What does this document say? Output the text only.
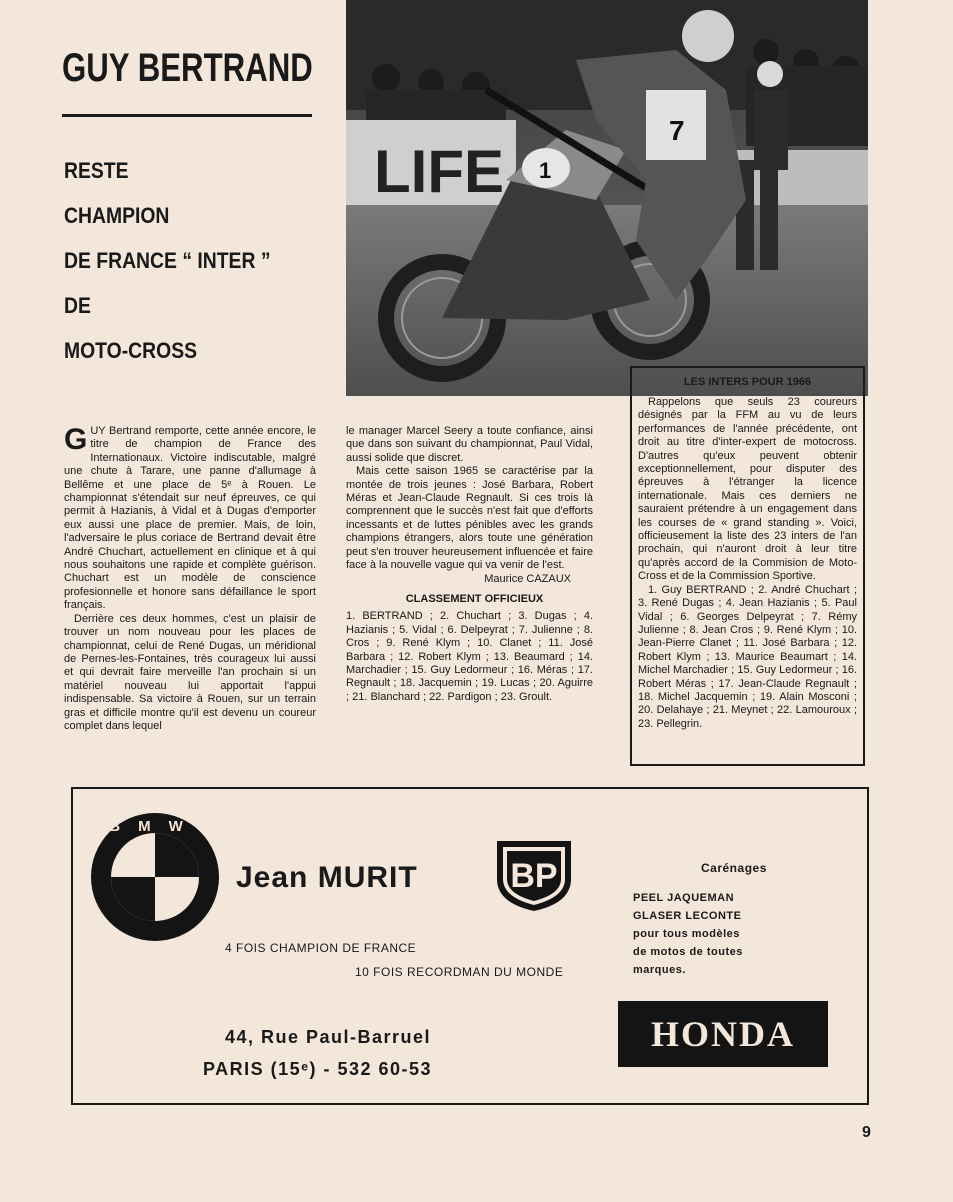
GUY BERTRAND
RESTE
CHAMPION
DE FRANCE “ INTER ”
DE
MOTO-CROSS
LIFE
7
1
G UY Bertrand remporte, cette année encore, le titre de champion de France des Internationaux. Victoire indiscutable, malgré une chute à Tarare, une panne d'allumage à Bellême et une place de 5ᵉ à Rouen. Le championnat s'étendait sur neuf épreuves, ce qui permit à Hazianis, à Vidal et à Dugas d'emporter eux aussi une place de premier. Mais, de loin, l'adversaire le plus coriace de Bertrand devait être André Chuchart, actuellement en clinique et à qui nous souhaitons une rapide et complète guérison. Chuchart est un modèle de conscience profesionnelle et honore sans défaillance le sport français.

Derrière ces deux hommes, c'est un plaisir de trouver un nom nouveau pour les places de championnat, celui de René Dugas, un méridional de Pernes-les-Fontaines, très courageux lui aussi et qui devrait faire merveille l'an prochain si un matériel nouveau lui apportait l'appui indispensable. Sa victoire à Rouen, sur un terrain gras et difficile montre qu'il est devenu un coureur complet dans lequel

le manager Marcel Seery a toute confiance, ainsi que dans son suivant du championnat, Paul Vidal, aussi solide que discret.

Mais cette saison 1965 se caractérise par la montée de trois jeunes : José Barbara, Robert Méras et Jean-Claude Regnault. Si ces trois là comprennent que le succès n'est fait que d'efforts incessants et de luttes pénibles avec les grands champions étrangers, alors toute une génération peut s'en trouver heureusement influencée et faire face à la nouvelle vague qui va venir de l'est.

Maurice CAZAUX

CLASSEMENT OFFICIEUX

1. BERTRAND ; 2. Chuchart ; 3. Dugas ; 4. Hazianis ; 5. Vidal ; 6. Delpeyrat ; 7. Julienne ; 8. Cros ; 9. René Klym ; 10. Clanet ; 11. José Barbara ; 12. Robert Klym ; 13. Beaumard ; 14. Marchadier ; 15. Guy Ledormeur ; 16. Méras ; 17. Regnault ; 18. Jacquemin ; 19. Lucas ; 20. Aguirre ; 21. Blanchard ; 22. Pardigon ; 23. Groult.

LES INTERS POUR 1966

Rappelons que seuls 23 coureurs désignés par la FFM au vu de leurs performances de l'année précédente, ont droit au titre d'inter-expert de motocross. D'autres qu'eux peuvent obtenir exceptionnellement, pour disputer des épreuves à l'étranger la licence internationale. Mais ces derniers ne sauraient prétendre à un engagement dans les courses de « grand standing ». Voici, officieusement la liste des 23 inters de l'an prochain, qui n'auront droit à leur titre qu'après accord de la Commision de Moto-Cross et de la Commission Sportive.

1. Guy BERTRAND ; 2. André Chuchart ; 3. René Dugas ; 4. Jean Hazianis ; 5. Paul Vidal ; 6. Georges Delpeyrat ; 7. Rémy Julienne ; 8. Jean Cros ; 9. René Klym ; 10. Jean-Pierre Clanet ; 11. José Barbara ; 12. Robert Klym ; 13. Maurice Beaumart ; 14. Michel Marchadier ; 15. Guy Ledormeur ; 16. Robert Méras ; 17. Jean-Claude Regnault ; 18. Michel Jacquemin ; 19. Alain Mosconi ; 20. Delahaye ; 21. Meynet ; 22. Lamouroux ; 23. Pellegrin.

BMW
Jean MURIT	BP
4 FOIS CHAMPION DE FRANCE
10 FOIS RECORDMAN DU MONDE
44, Rue Paul-Barruel
PARIS (15ᵉ) - 532 60-53
Carénages
PEEL JAQUEMAN
GLASER LECONTE
pour tous modèles
de motos de toutes
marques.
HONDA
9
